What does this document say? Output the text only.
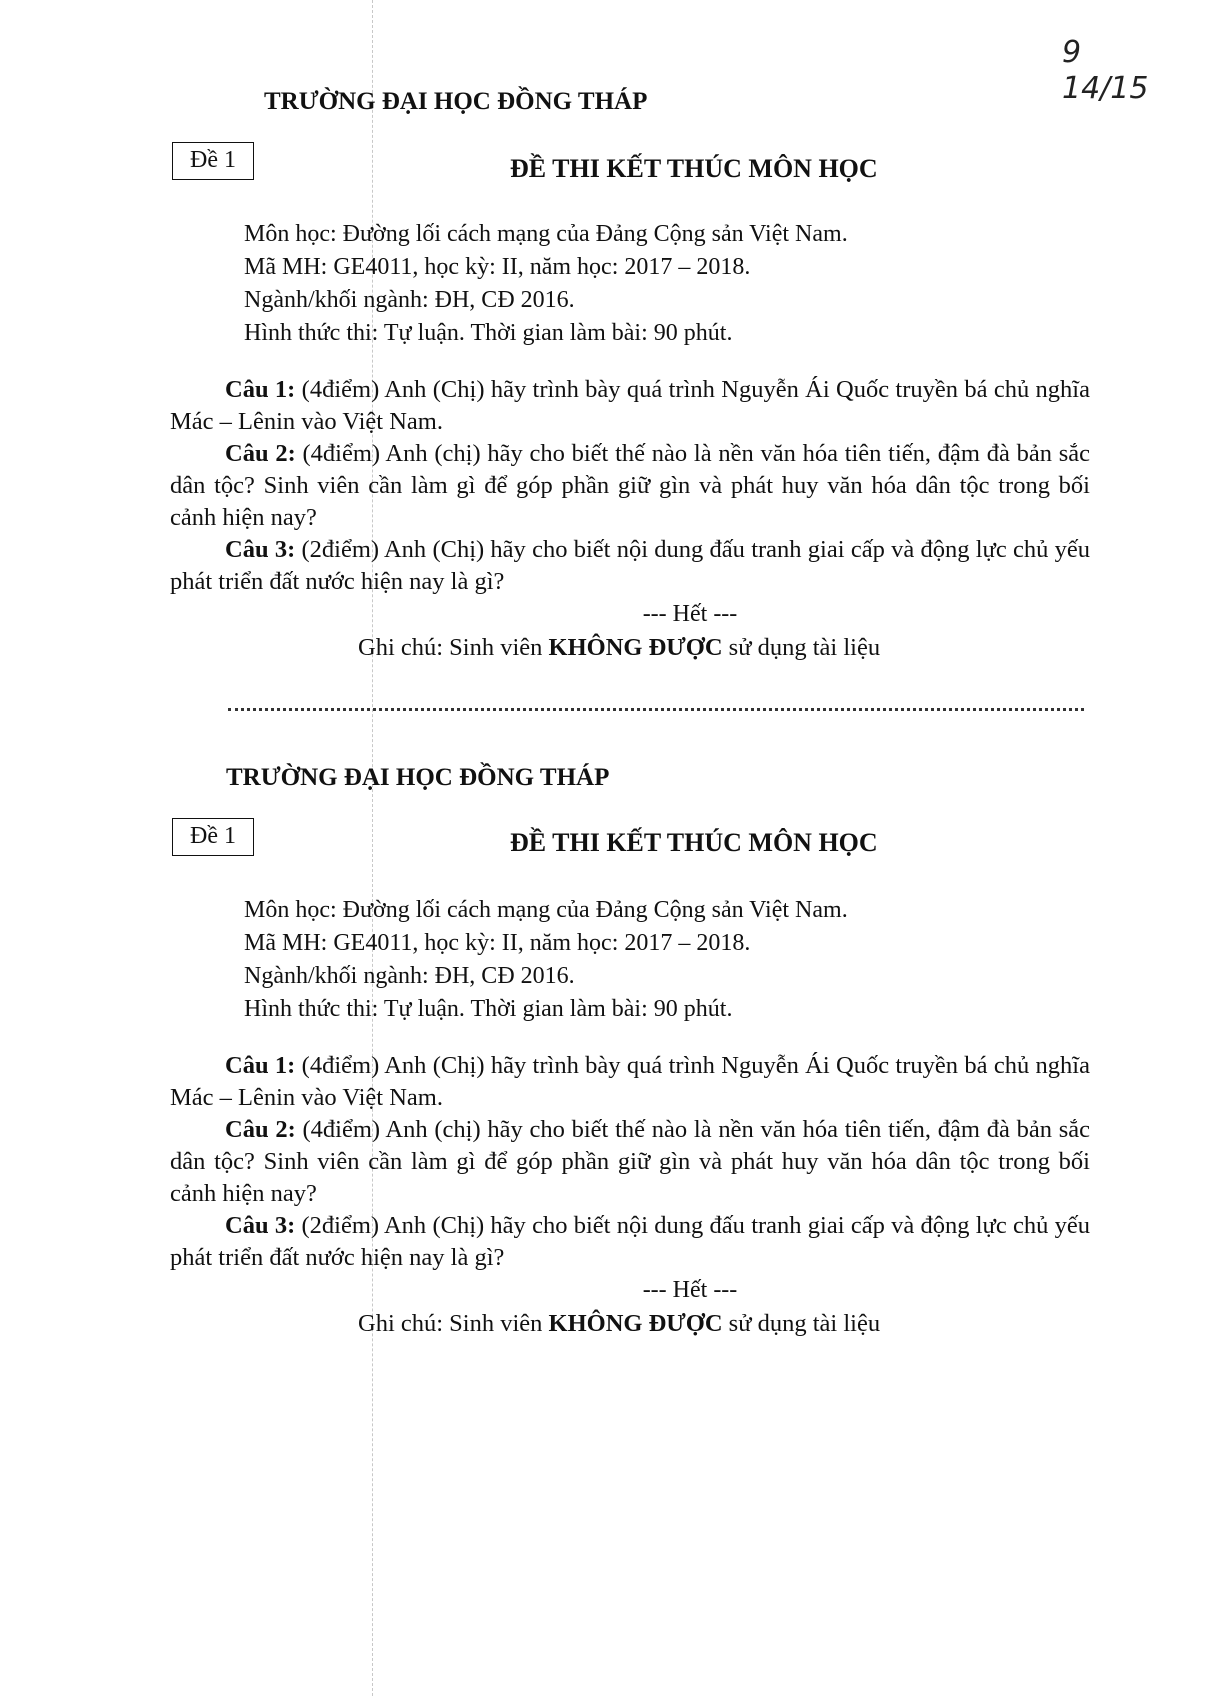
9
14/15
TRƯỜNG ĐẠI HỌC ĐỒNG THÁP
Đề 1	ĐỀ THI KẾT THÚC MÔN HỌC
Môn học: Đường lối cách mạng của Đảng Cộng sản Việt Nam.
Mã MH: GE4011, học kỳ: II, năm học: 2017 – 2018.
Ngành/khối ngành: ĐH, CĐ 2016.
Hình thức thi: Tự luận. Thời gian làm bài: 90 phút.

Câu 1: (4điểm) Anh (Chị) hãy trình bày quá trình Nguyễn Ái Quốc truyền bá chủ nghĩa Mác – Lênin vào Việt Nam.

Câu 2: (4điểm) Anh (chị) hãy cho biết thế nào là nền văn hóa tiên tiến, đậm đà bản sắc dân tộc? Sinh viên cần làm gì để góp phần giữ gìn và phát huy văn hóa dân tộc trong bối cảnh hiện nay?

Câu 3: (2điểm) Anh (Chị) hãy cho biết nội dung đấu tranh giai cấp và động lực chủ yếu phát triển đất nước hiện nay là gì?

--- Hết ---
Ghi chú: Sinh viên KHÔNG ĐƯỢC sử dụng tài liệu
TRƯỜNG ĐẠI HỌC ĐỒNG THÁP
Đề 1	ĐỀ THI KẾT THÚC MÔN HỌC
Môn học: Đường lối cách mạng của Đảng Cộng sản Việt Nam.
Mã MH: GE4011, học kỳ: II, năm học: 2017 – 2018.
Ngành/khối ngành: ĐH, CĐ 2016.
Hình thức thi: Tự luận. Thời gian làm bài: 90 phút.

Câu 1: (4điểm) Anh (Chị) hãy trình bày quá trình Nguyễn Ái Quốc truyền bá chủ nghĩa Mác – Lênin vào Việt Nam.

Câu 2: (4điểm) Anh (chị) hãy cho biết thế nào là nền văn hóa tiên tiến, đậm đà bản sắc dân tộc? Sinh viên cần làm gì để góp phần giữ gìn và phát huy văn hóa dân tộc trong bối cảnh hiện nay?

Câu 3: (2điểm) Anh (Chị) hãy cho biết nội dung đấu tranh giai cấp và động lực chủ yếu phát triển đất nước hiện nay là gì?

--- Hết ---
Ghi chú: Sinh viên KHÔNG ĐƯỢC sử dụng tài liệu
